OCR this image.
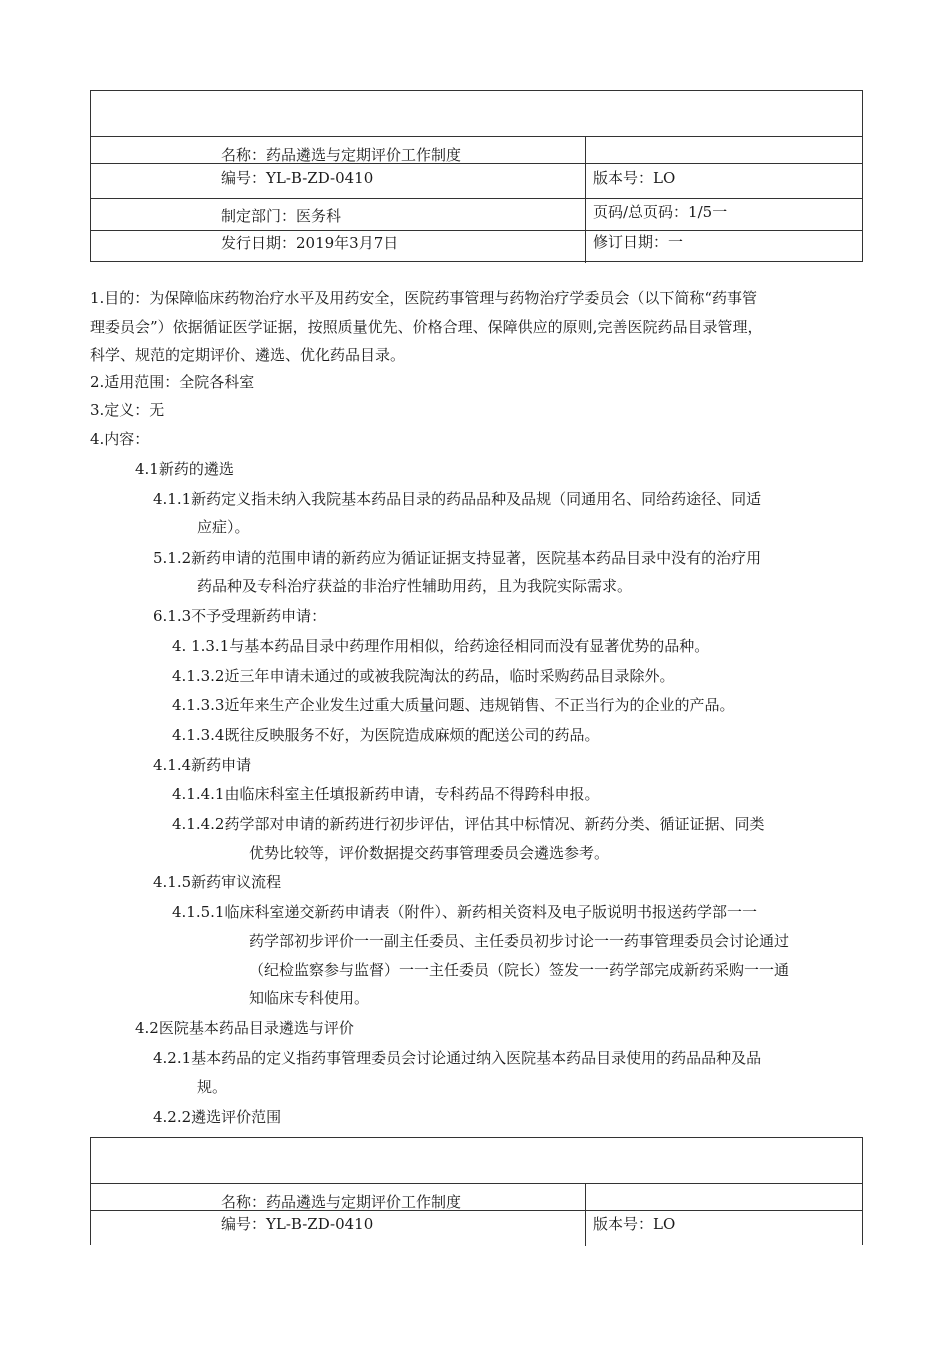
名称：药品遴选与定期评价工作制度
编号：YL-B-ZD-0410	版本号：LO
制定部门：医务科	页码/总页码：1/5一
发行日期：2019年3月7日	修订日期：一
1.目的：为保障临床药物治疗水平及用药安全，医院药事管理与药物治疗学委员会（以下简称“药事管
理委员会”）依据循证医学证据，按照质量优先、价格合理、保障供应的原则,完善医院药品目录管理，
科学、规范的定期评价、遴选、优化药品目录。
2.适用范围：全院各科室
3.定义：无
4.内容：
4.1新药的遴选
4.1.1新药定义指未纳入我院基本药品目录的药品品种及品规（同通用名、同给药途径、同适
应症）。
5.1.2新药申请的范围申请的新药应为循证证据支持显著，医院基本药品目录中没有的治疗用
药品种及专科治疗获益的非治疗性辅助用药，且为我院实际需求。
6.1.3不予受理新药申请：
4. 1.3.1与基本药品目录中药理作用相似，给药途径相同而没有显著优势的品种。
4.1.3.2近三年申请未通过的或被我院淘汰的药品，临时采购药品目录除外。
4.1.3.3近年来生产企业发生过重大质量问题、违规销售、不正当行为的企业的产品。
4.1.3.4既往反映服务不好，为医院造成麻烦的配送公司的药品。
4.1.4新药申请
4.1.4.1由临床科室主任填报新药申请，专科药品不得跨科申报。
4.1.4.2药学部对申请的新药进行初步评估，评估其中标情况、新药分类、循证证据、同类
优势比较等，评价数据提交药事管理委员会遴选参考。
4.1.5新药审议流程
4.1.5.1临床科室递交新药申请表（附件）、新药相关资料及电子版说明书报送药学部一一
药学部初步评价一一副主任委员、主任委员初步讨论一一药事管理委员会讨论通过
（纪检监察参与监督）一一主任委员（院长）签发一一药学部完成新药采购一一通
知临床专科使用。
4.2医院基本药品目录遴选与评价
4.2.1基本药品的定义指药事管理委员会讨论通过纳入医院基本药品目录使用的药品品种及品
规。
4.2.2遴选评价范围
名称：药品遴选与定期评价工作制度
编号：YL-B-ZD-0410	版本号：LO
